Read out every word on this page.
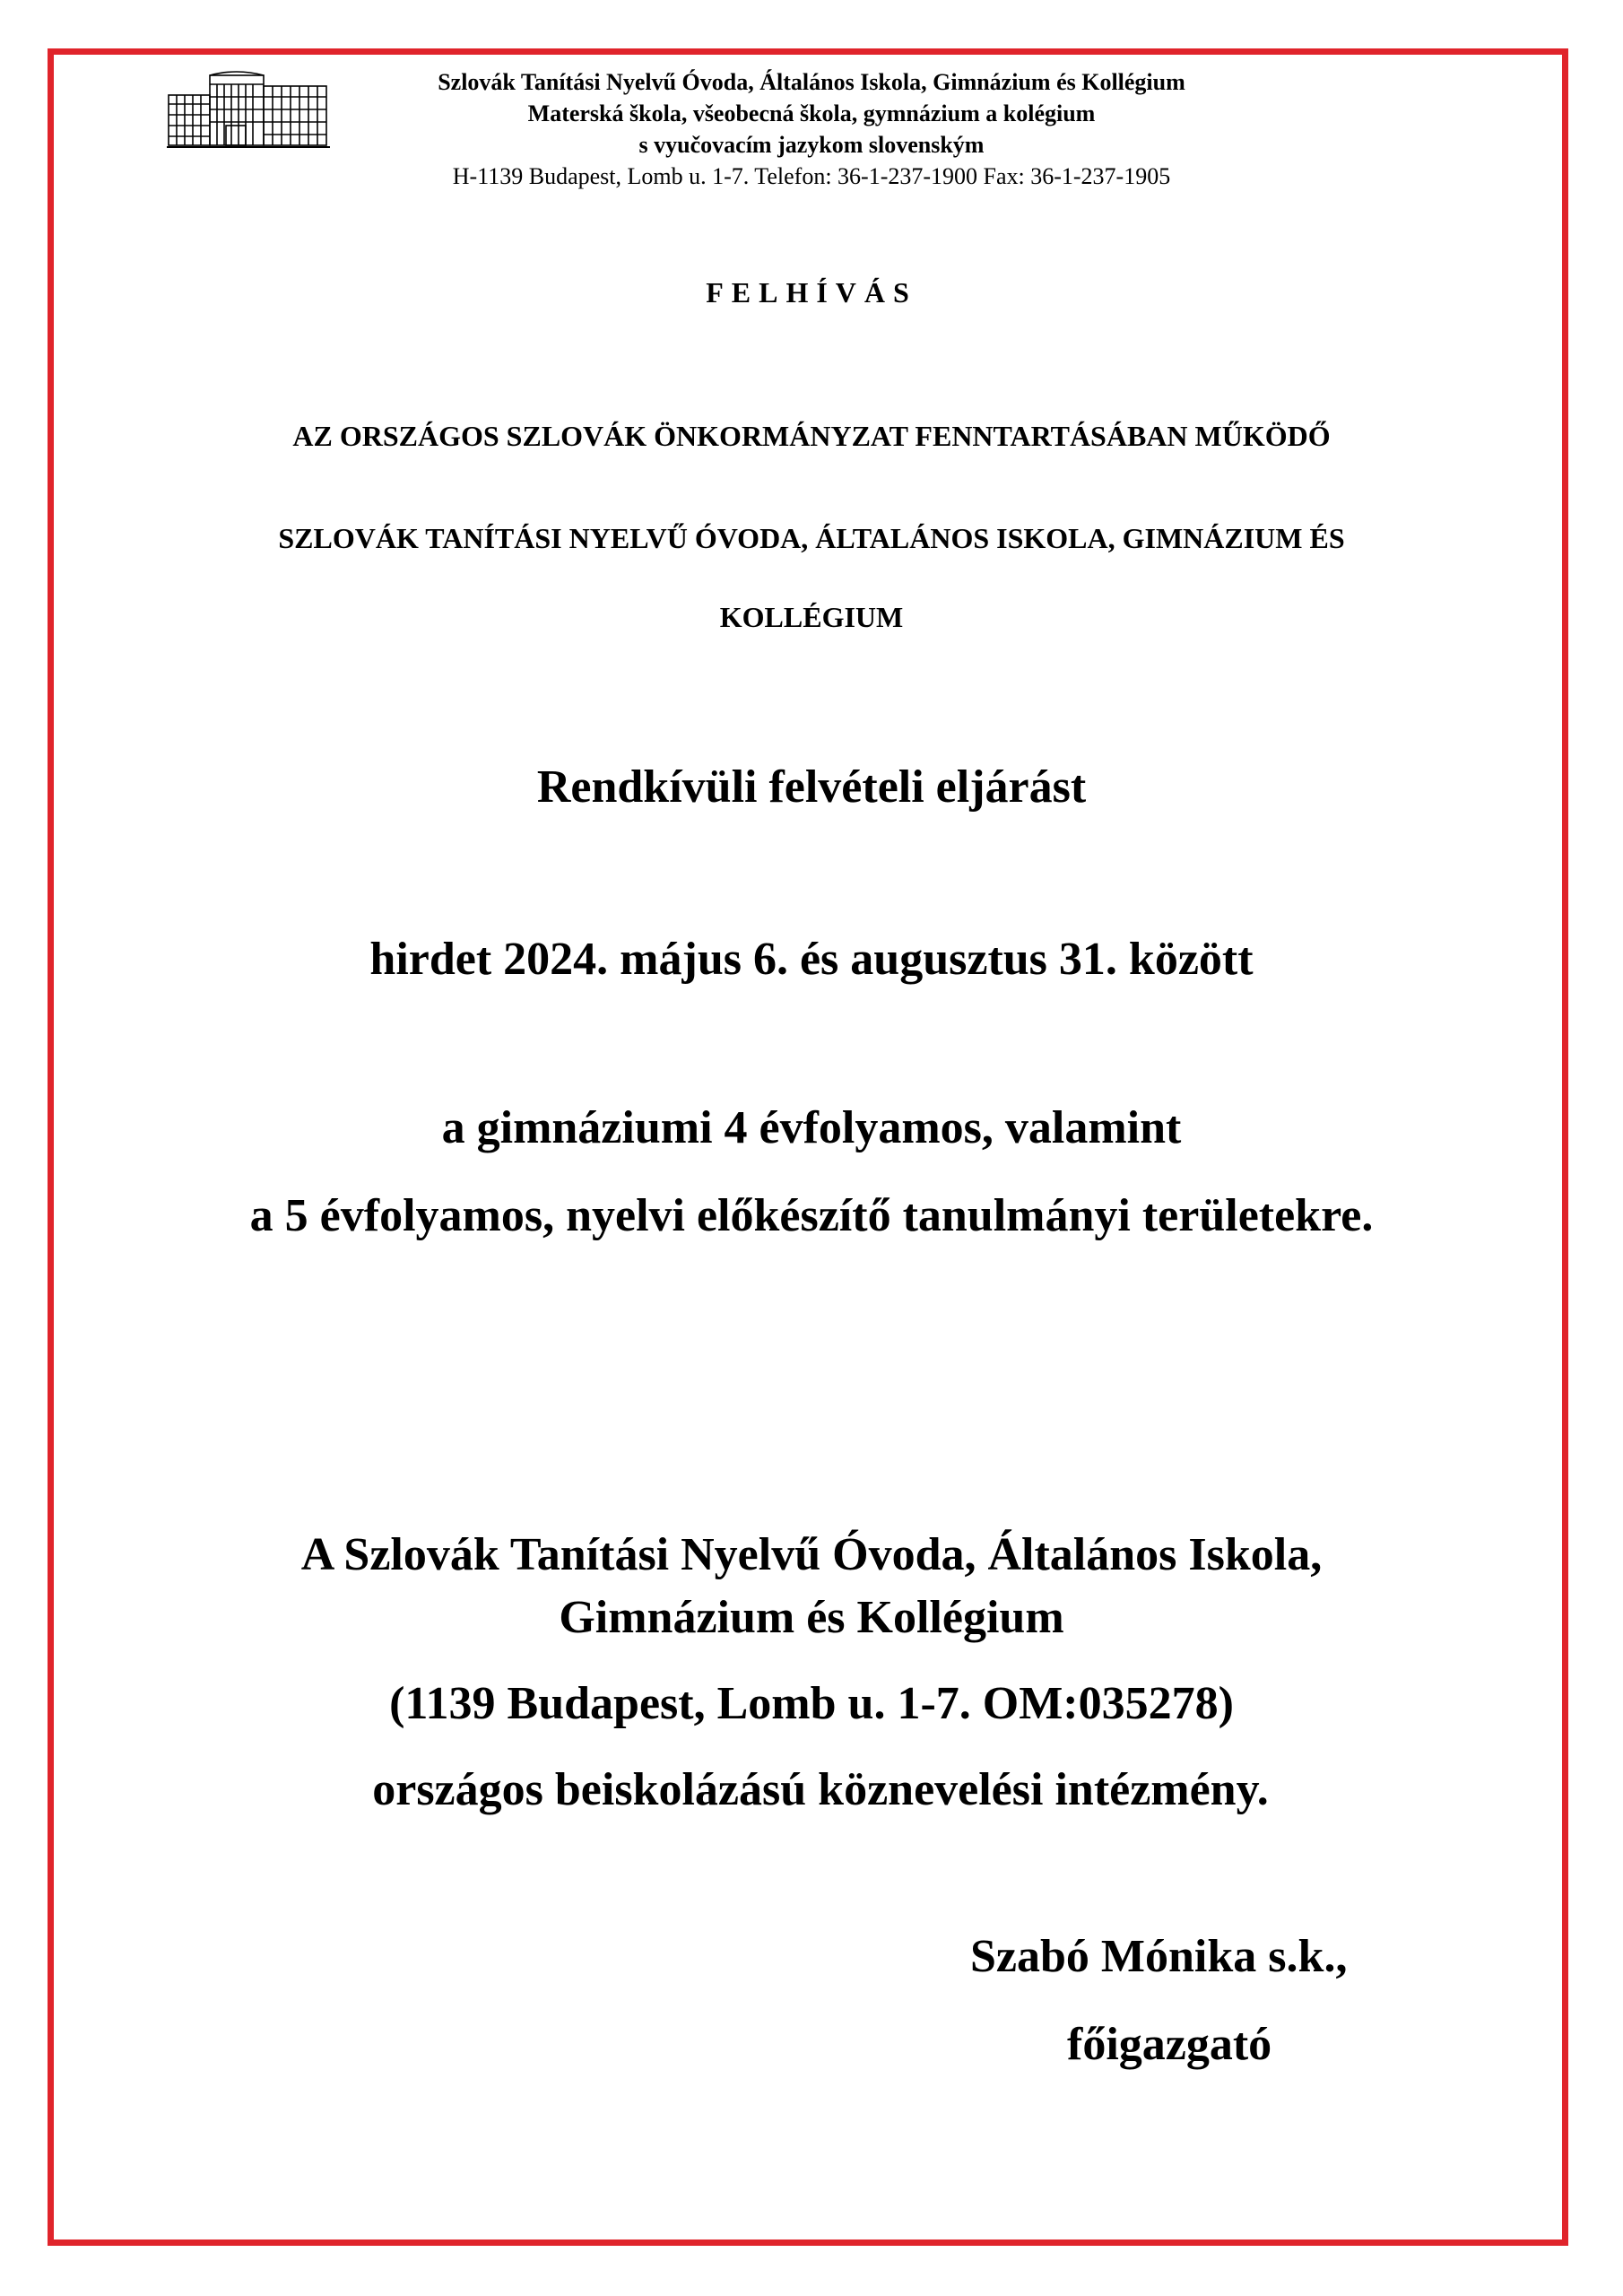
Szlovák Tanítási Nyelvű Óvoda, Általános Iskola, Gimnázium és Kollégium
Materská škola, všeobecná škola, gymnázium a kolégium
s vyučovacím jazykom slovenským
H-1139 Budapest, Lomb u. 1-7. Telefon: 36-1-237-1900 Fax: 36-1-237-1905
FELHÍVÁS
AZ ORSZÁGOS SZLOVÁK ÖNKORMÁNYZAT FENNTARTÁSÁBAN MŰKÖDŐ
SZLOVÁK TANÍTÁSI NYELVŰ ÓVODA, ÁLTALÁNOS ISKOLA, GIMNÁZIUM ÉS
KOLLÉGIUM
Rendkívüli felvételi eljárást
hirdet 2024. május 6. és augusztus 31. között
a gimnáziumi 4 évfolyamos, valamint
a 5 évfolyamos, nyelvi előkészítő tanulmányi területekre.
A Szlovák Tanítási Nyelvű Óvoda, Általános Iskola,
Gimnázium és Kollégium
(1139 Budapest, Lomb u. 1-7. OM:035278)
országos beiskolázású köznevelési intézmény.
Szabó Mónika s.k.,
főigazgató
